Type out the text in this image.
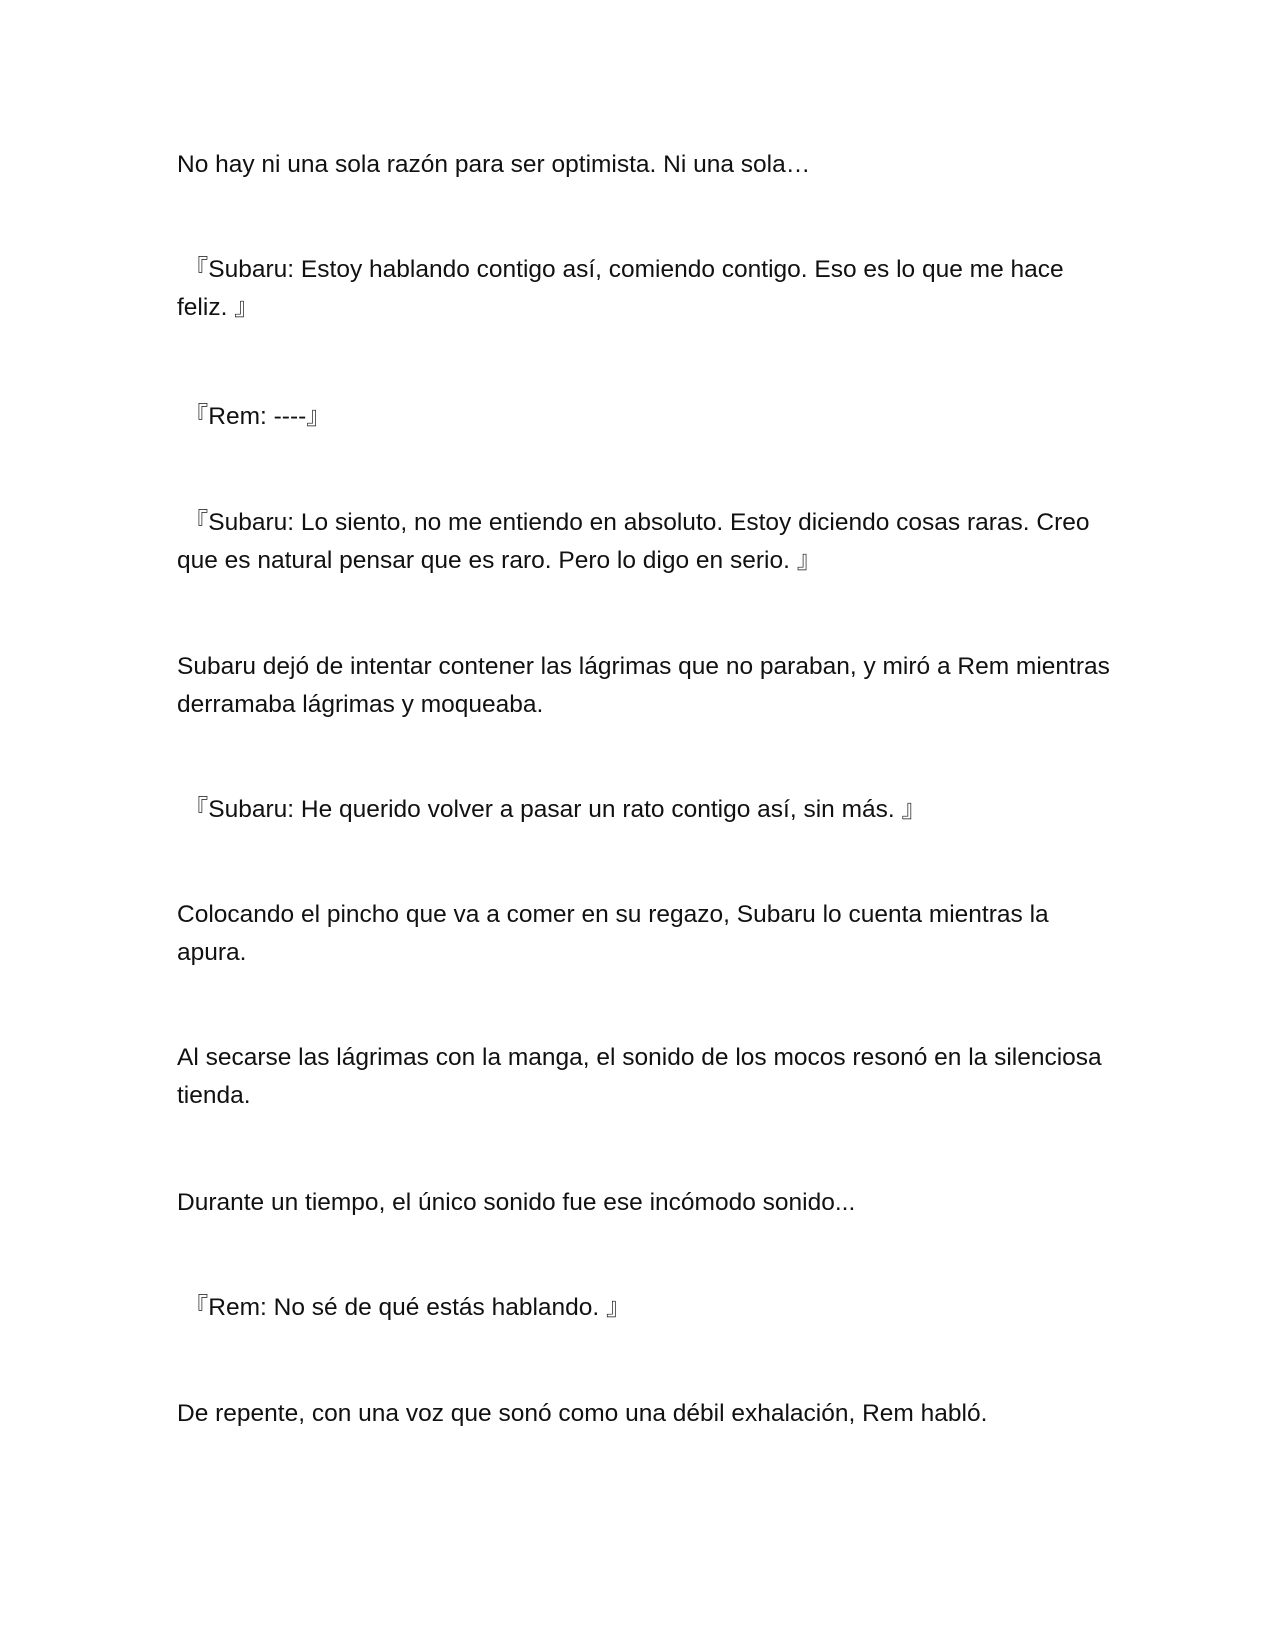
No hay ni una sola razón para ser optimista. Ni una sola…

『Subaru: Estoy hablando contigo así, comiendo contigo. Eso es lo que me hace feliz. 』

『Rem: ----』

『Subaru: Lo siento, no me entiendo en absoluto. Estoy diciendo cosas raras. Creo que es natural pensar que es raro. Pero lo digo en serio. 』

Subaru dejó de intentar contener las lágrimas que no paraban, y miró a Rem mientras derramaba lágrimas y moqueaba.

『Subaru: He querido volver a pasar un rato contigo así, sin más. 』

Colocando el pincho que va a comer en su regazo, Subaru lo cuenta mientras la apura.

Al secarse las lágrimas con la manga, el sonido de los mocos resonó en la silenciosa tienda.

Durante un tiempo, el único sonido fue ese incómodo sonido...

『Rem: No sé de qué estás hablando. 』

De repente, con una voz que sonó como una débil exhalación, Rem habló.
